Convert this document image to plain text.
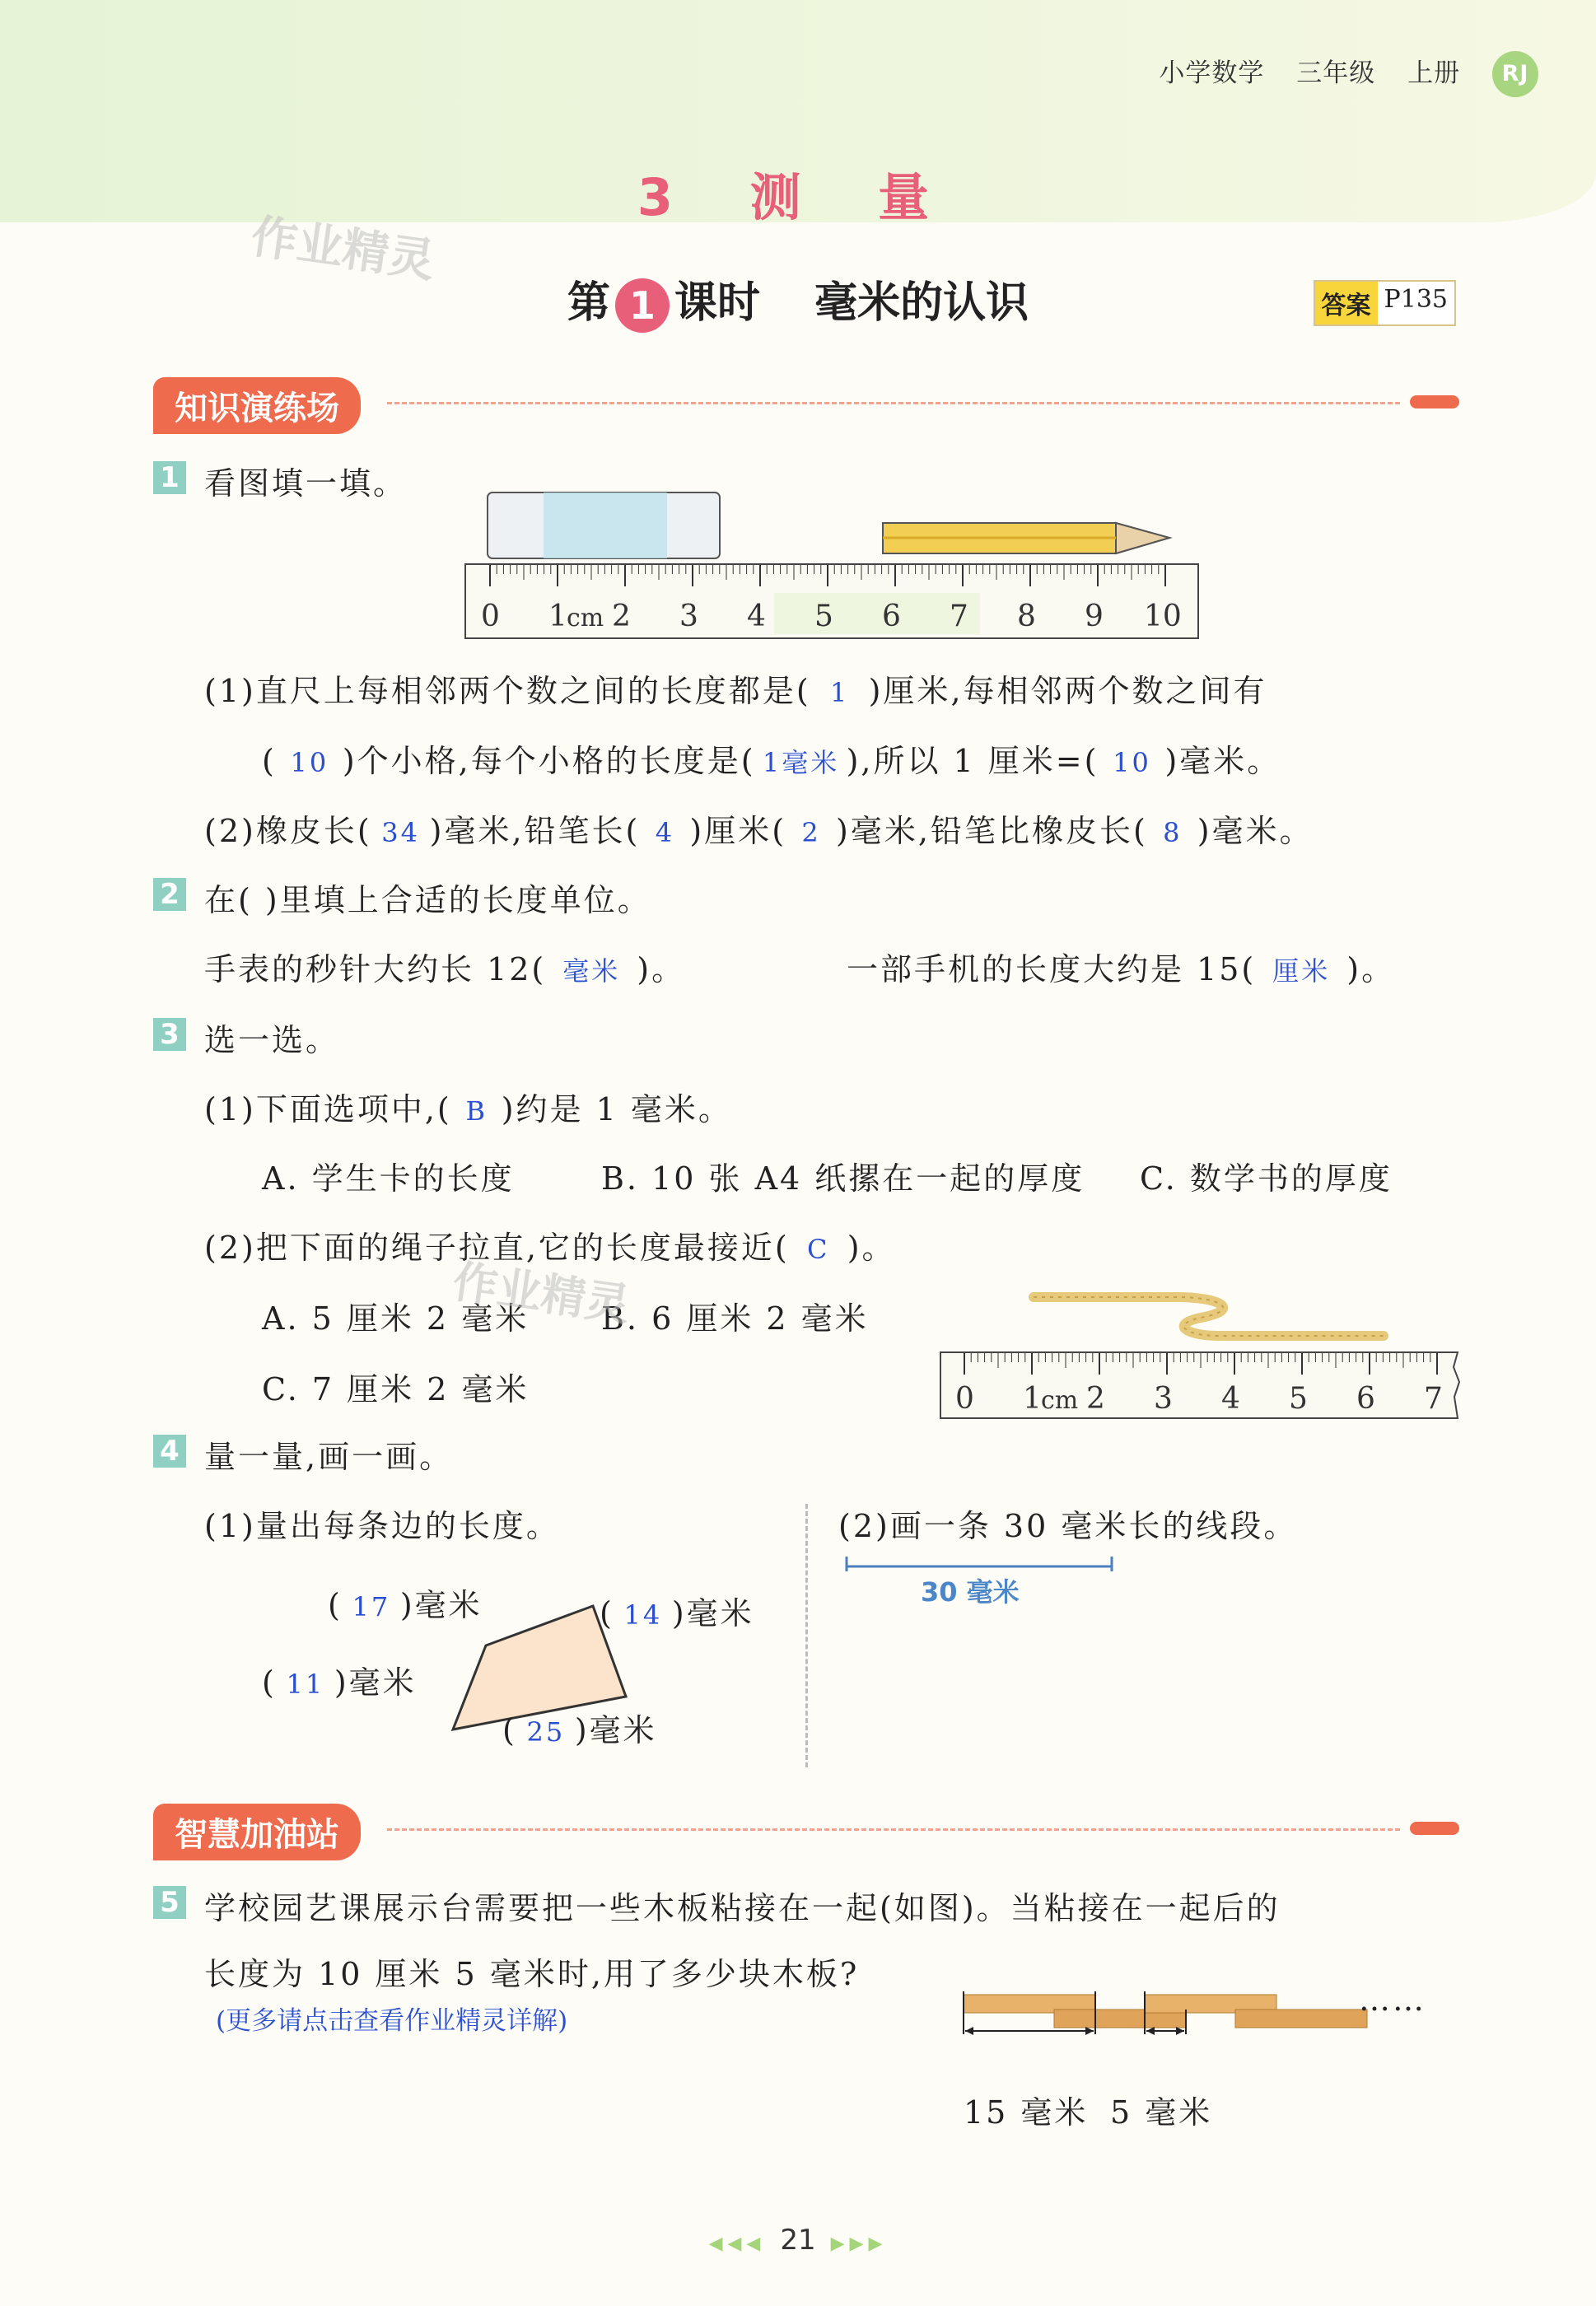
小学数学 三年级 上册 RJ
3 测 量
作业精灵
第 1 课时 毫米的认识	答案 P135
知识演练场
1 看图填一填。
0 1 cm 2 3 4 5 6 7 8 9 10
(1)直尺上每相邻两个数之间的长度都是( 1 )厘米,每相邻两个数之间有
( 10 )个小格,每个小格的长度是( 1毫米 ),所以 1 厘米=( 10 )毫米。
(2)橡皮长( 34 )毫米,铅笔长( 4 )厘米( 2 )毫米,铅笔比橡皮长( 8 )毫米。
2 在( )里填上合适的长度单位。
手表的秒针大约长 12( 毫米 )。	一部手机的长度大约是 15( 厘米 )。
3 选一选。
(1)下面选项中,( B )约是 1 毫米。
A. 学生卡的长度	B. 10 张 A4 纸摞在一起的厚度 C. 数学书的厚度
(2)把下面的绳子拉直,它的长度最接近( C )。
A. 5 厘米 2 毫米 B. 6 厘米 2 毫米
C. 7 厘米 2 毫米
作业精灵
0 1 cm 2 3 4 5 6 7
4 量一量,画一画。
(1)量出每条边的长度。	(2)画一条 30 毫米长的线段。
( 17 )毫米	( 14 )毫米
( 11 )毫米
( 25 )毫米
30 毫米
智慧加油站
5 学校园艺课展示台需要把一些木板粘接在一起(如图)。当粘接在一起后的
长度为 10 厘米 5 毫米时,用了多少块木板?
(更多请点击查看作业精灵详解)
……
15 毫米 5 毫米
◀◀◀ 21 ▶▶▶
